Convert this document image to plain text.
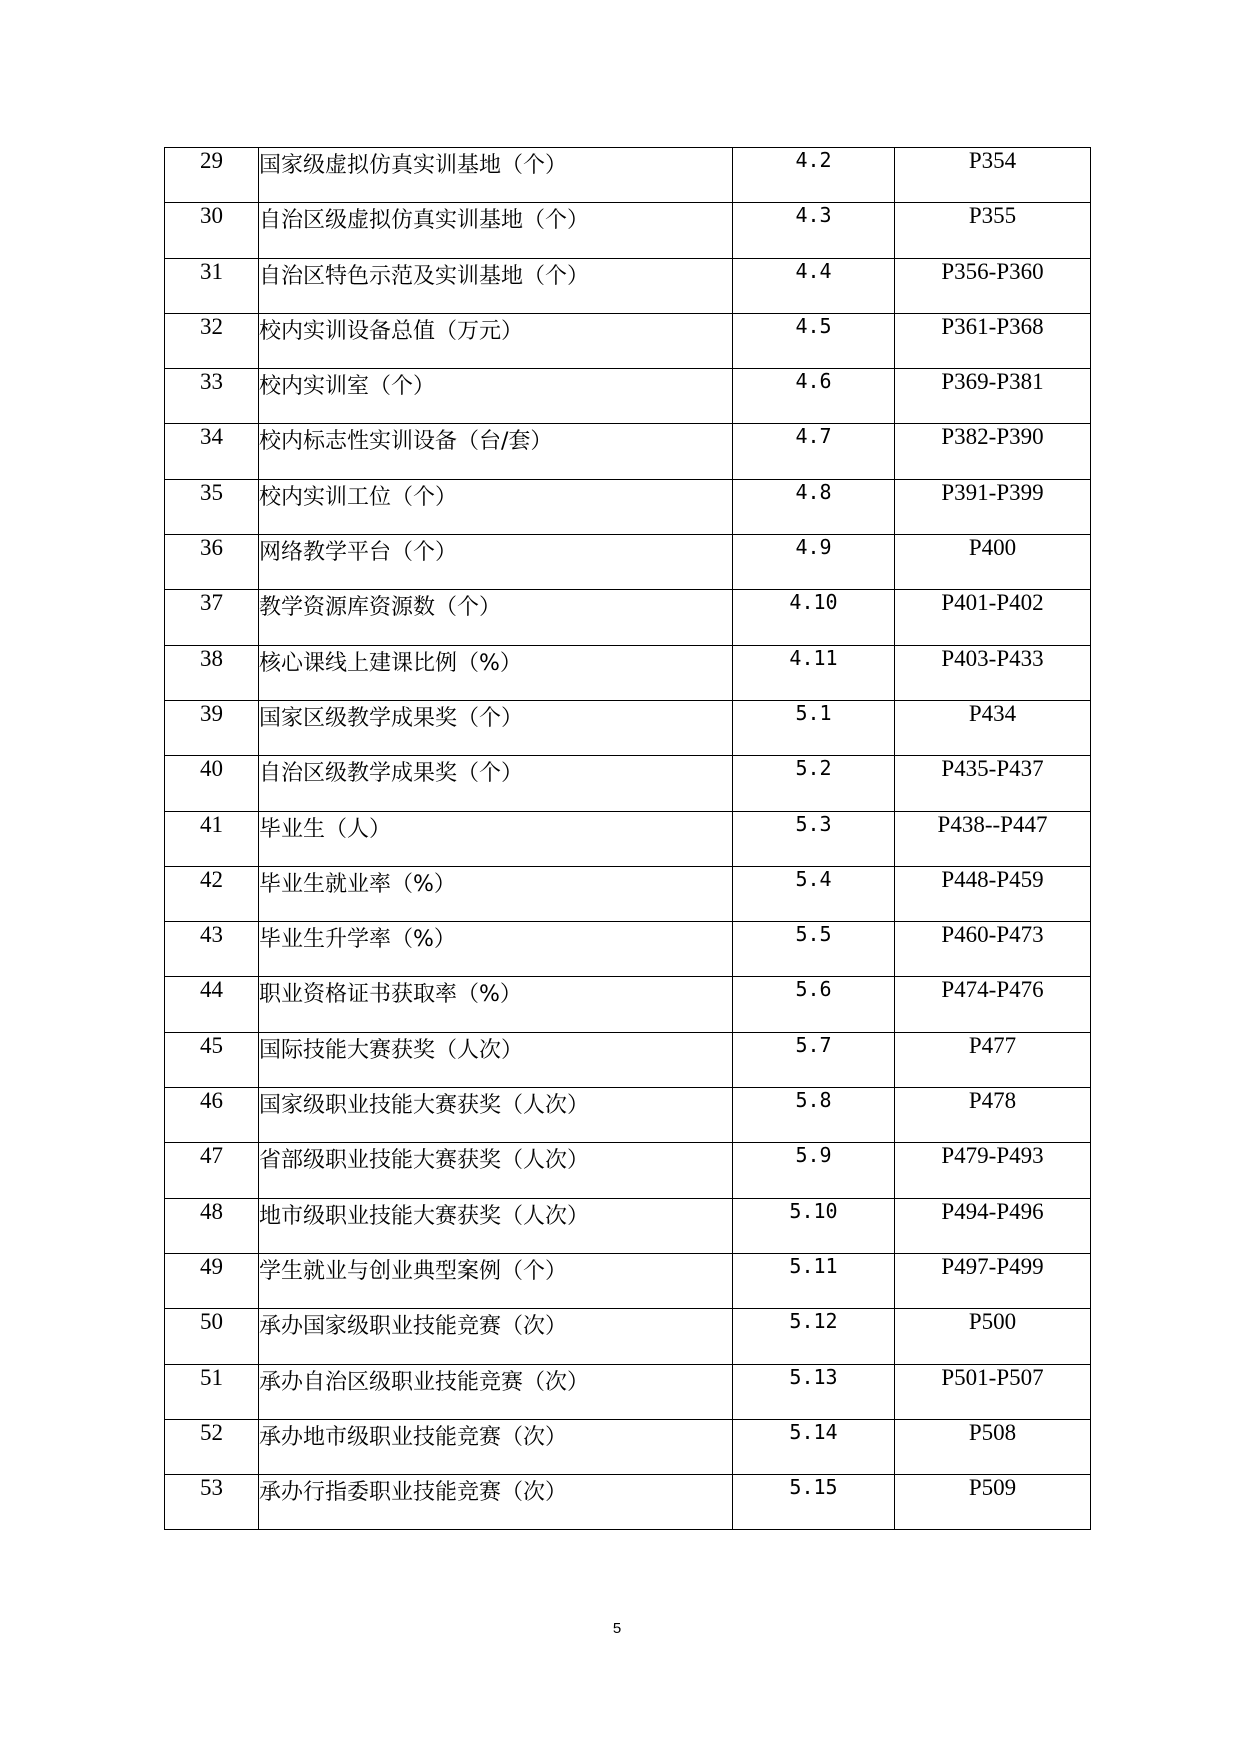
29	国家级虚拟仿真实训基地（个）	4.2	P354
30	自治区级虚拟仿真实训基地（个）	4.3	P355
31	自治区特色示范及实训基地（个）	4.4	P356-P360
32	校内实训设备总值（万元）	4.5	P361-P368
33	校内实训室（个）	4.6	P369-P381
34	校内标志性实训设备（台/套）	4.7	P382-P390
35	校内实训工位（个）	4.8	P391-P399
36	网络教学平台（个）	4.9	P400
37	教学资源库资源数（个）	4.10	P401-P402
38	核心课线上建课比例（%）	4.11	P403-P433
39	国家区级教学成果奖（个）	5.1	P434
40	自治区级教学成果奖（个）	5.2	P435-P437
41	毕业生（人）	5.3	P438--P447
42	毕业生就业率（%）	5.4	P448-P459
43	毕业生升学率（%）	5.5	P460-P473
44	职业资格证书获取率（%）	5.6	P474-P476
45	国际技能大赛获奖（人次）	5.7	P477
46	国家级职业技能大赛获奖（人次）	5.8	P478
47	省部级职业技能大赛获奖（人次）	5.9	P479-P493
48	地市级职业技能大赛获奖（人次）	5.10	P494-P496
49	学生就业与创业典型案例（个）	5.11	P497-P499
50	承办国家级职业技能竞赛（次）	5.12	P500
51	承办自治区级职业技能竞赛（次）	5.13	P501-P507
52	承办地市级职业技能竞赛（次）	5.14	P508
53	承办行指委职业技能竞赛（次）	5.15	P509
5
